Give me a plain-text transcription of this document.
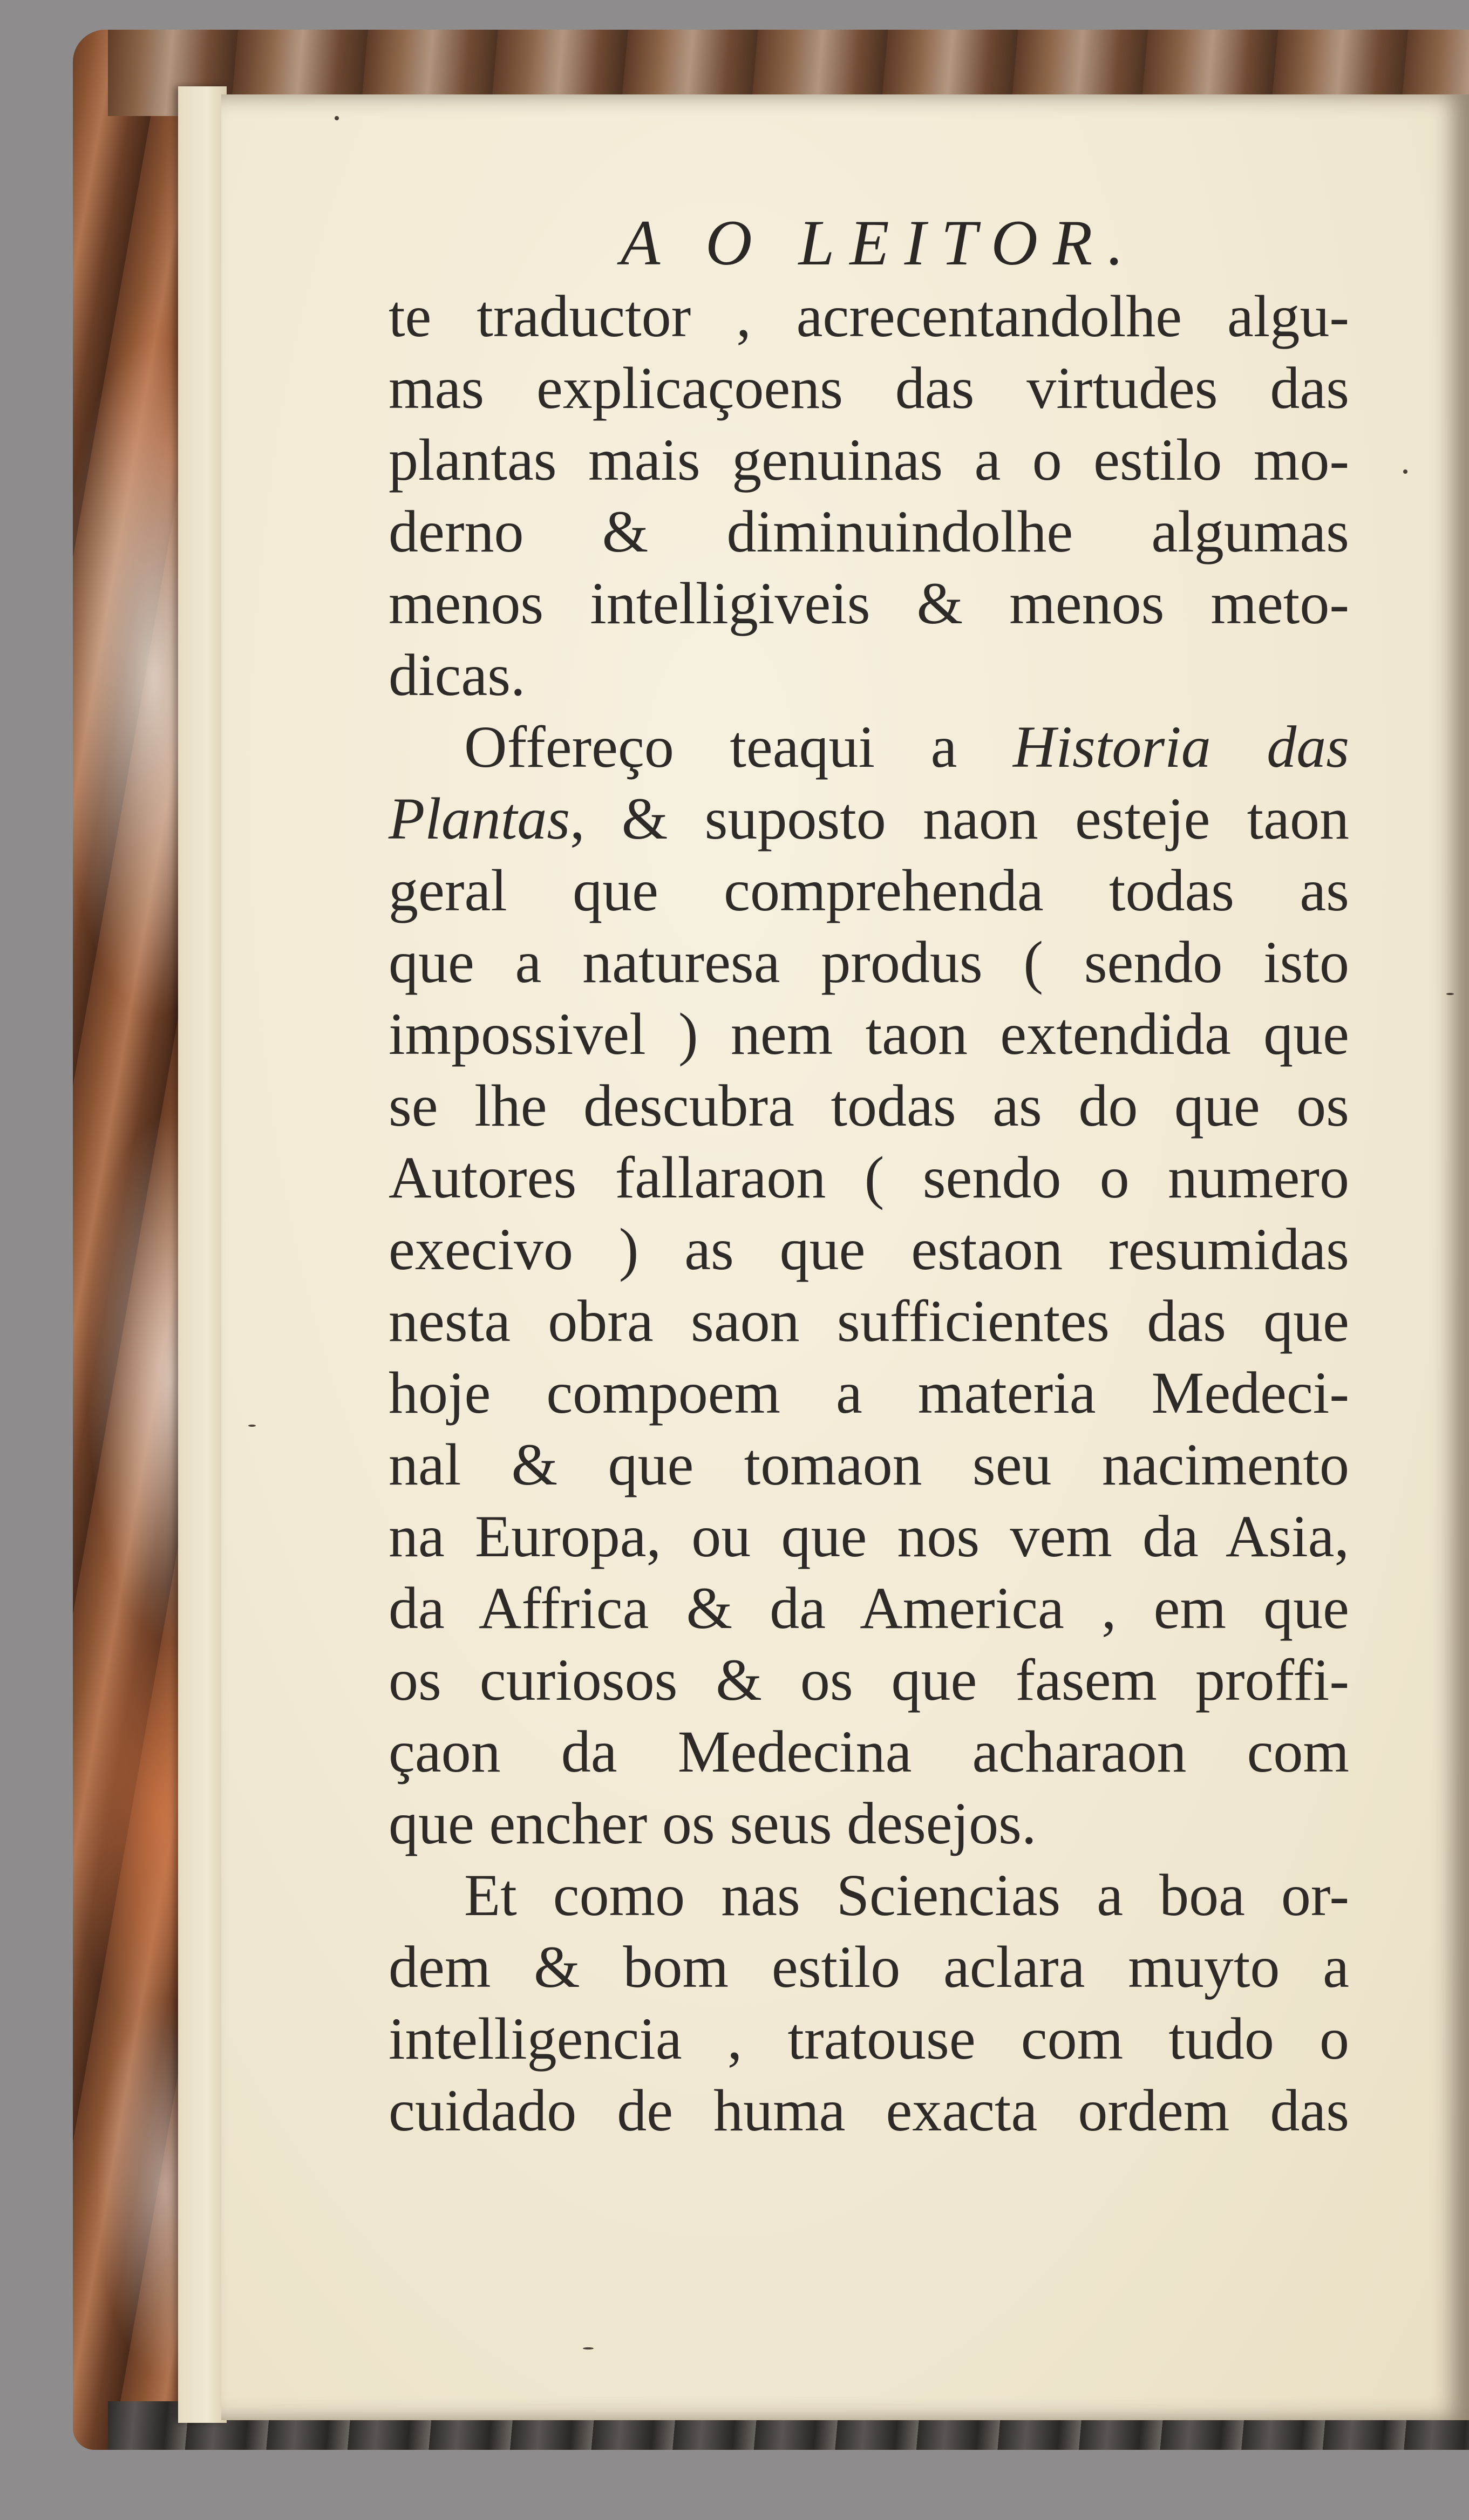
A O LEITOR.
te traductor , acrecentandolhe algu-
mas explicaçoens das virtudes das
plantas mais genuinas a o estilo mo-
derno & diminuindolhe algumas
menos intelligiveis & menos meto-
dicas.
Offereço teaqui a Historia das
Plantas, & suposto naon esteje taon
geral que comprehenda todas as
que a naturesa produs ( sendo isto
impossivel ) nem taon extendida que
se lhe descubra todas as do que os
Autores fallaraon ( sendo o numero
execivo ) as que estaon resumidas
nesta obra saon sufficientes das que
hoje compoem a materia Medeci-
nal & que tomaon seu nacimento
na Europa, ou que nos vem da Asia,
da Affrica & da America , em que
os curiosos & os que fasem proffi-
çaon da Medecina acharaon com
que encher os seus desejos.
Et como nas Sciencias a boa or-
dem & bom estilo aclara muyto a
intelligencia , tratouse com tudo o
cuidado de huma exacta ordem das
